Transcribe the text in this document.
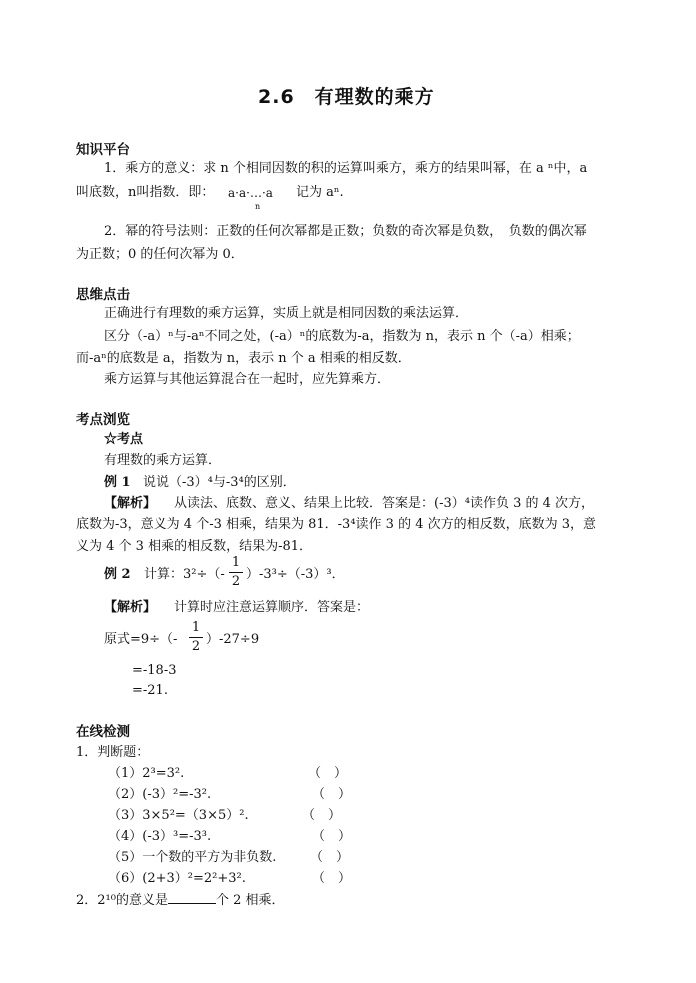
2.6　有理数的乘方
知识平台
1．乘方的意义：求 n 个相同因数的积的运算叫乘方，乘方的结果叫幂，在 a ⁿ中，a
叫底数，n叫指数．即： a·a·…·a
n
记为 aⁿ.
2．幂的符号法则：正数的任何次幂都是正数；负数的奇次幂是负数，　负数的偶次幂
为正数；0 的任何次幂为 0．
思维点击
正确进行有理数的乘方运算，实质上就是相同因数的乘法运算．
区分（-a）ⁿ与-aⁿ不同之处，(-a）ⁿ的底数为-a，指数为 n，表示 n 个（-a）相乘；
而-aⁿ的底数是 a，指数为 n，表示 n 个 a 相乘的相反数．
乘方运算与其他运算混合在一起时，应先算乘方．
考点浏览
☆考点
有理数的乘方运算．
例 1 说说（-3）⁴与-3⁴的区别．
【解析】 从读法、底数、意义、结果上比较．答案是：(-3）⁴读作负 3 的 4 次方，
底数为-3，意义为 4 个-3 相乘，结果为 81．-3⁴读作 3 的 4 次方的相反数，底数为 3，意
义为 4 个 3 相乘的相反数，结果为-81．
例 2 计算：3²÷（-
1
2 ）-3³÷（-3）³．
【解析】 计算时应注意运算顺序．答案是：
原式=9÷（-
1
2 ）-27÷9
=-18-3
=-21.
在线检测
1．判断题：
（1）2³=3².	（　）
（2）(-3）²=-3².	（　）
（3）3×5²=（3×5）².	（　）
（4）(-3）³=-3³.	（　）
（5）一个数的平方为非负数.	（　）
（6）(2+3）²=2²+3².	（　）
2．2¹⁰的意义是	个 2 相乘．
